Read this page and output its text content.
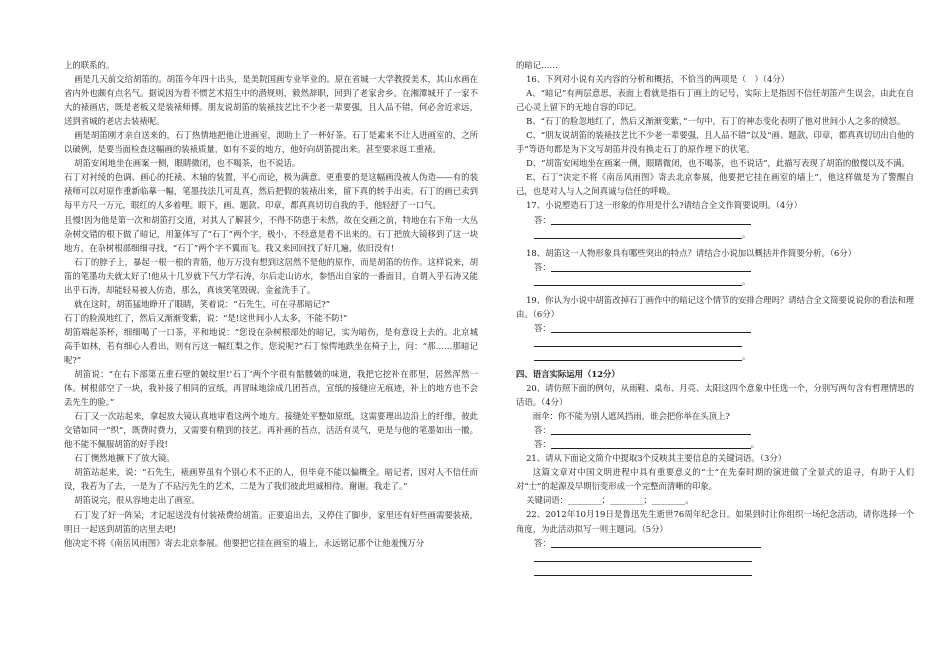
上的联系的。

画是几天前交给胡笛的。胡笛今年四十出头，是美院国画专业毕业的。原在省城一大学教授美术，其山水画在省内外也颇有点名气。据说因为看不惯艺术招生中的潜规则，毅然辞职，回到了老家舍乡。在湘潭城开了一家不大的裱画店，既是老板又是装裱师傅。朋友说胡笛的装裱技艺比不少老一辈要强，且人品不错，何必舍近求远，送到省城的老店去装裱呢。

画是胡笛刚才亲自送来的，石丁热情地把他让进画室，沏助上了一杯好茶。石丁是素来不让人进画室的，之所以破例，是要当面检查这幅画的装裱质量，如有不妥的地方，他好向胡笛提出来。甚至要求返工重裱。

胡笛安闲地坐在画案一侧，眼睛微闭，也不喝茶，也不说话。

石丁对衬绫的色调、画心的托裱、木轴的装置，平心而论，极为满意。更重要的是这幅画没被人伪造——有的装裱师可以对原作重新临摹一幅，笔墨技法几可乱真，然后把假的装裱出来，留下真的转手出卖。石丁的画已卖到每平方尺一万元，眼红的人多着哩。眼下，画、题款、印章，都真真切切自我的手，他轻舒了一口气。

且慢!因为他是第一次和胡笛打交道，对其人了解甚少，不得不防患于未然，故在交画之前，特地在右下角一大丛杂树交错的根下做了暗记，用篆体写了“石丁”两个字，极小，不经意是看不出来的。石丁把放大镜移到了这一块地方，在杂树根部细细寻找，“石丁”两个字不翼而飞。我又来回回找了好几遍，依旧没有!

石丁的脖子上，暴起一根一根的青筋，他万万没有想到这居然不是他的原作，而是胡笛的仿作。这样说来，胡笛的笔墨功夫就太好了!他从十几岁就下气力学石涛，尔后走山访水，参悟出自家的一番面目，自谓入乎石涛又能出乎石涛，却能轻易被人仿造，那么，真该笑笔毁砚、金盆洗手了。

就在这时，胡笛猛地睁开了眼睛，笑着说：“石先生，可在寻那暗记?”

石丁的脸漠地红了，然后又渐渐变紫，说：“是!这世间小人太多，不能不防!”

胡笛端起茶杯，细细喝了一口茶，平和地说：“您设在杂树根部处的暗记，实为暗伤，是有意设上去的。北京城高手如林，若有细心人看出，则有污这一幅红梨之作。您说呢?”石丁惊愕地跌坐在椅子上，问：“那……那暗记呢?”

胡笛说：“在右下部第五重石壁的皴纹里!‘石丁’两个字很有骷髅皴的味道，我把它挖补在那里，居然浑然一体。树根部空了一块，我补接了相同的宣纸，再冒昧地涂成几团苔点，宣纸的接缝应无痕迹，补上的地方也不会丢先生的脸。”

石丁又一次站起来，拿起放大镜认真地审看这两个地方。接缝处平整如原纸，这需要理出边沿上的纤维，彼此交错如同一“织”，既费时费力，又需要有精到的技艺。再补画的苔点，活活有灵气，更是与他的笔墨如出一撤。他不能不佩服胡笛的好手段!

石丁懊然地撅下了放大镜。

胡笛站起来，说：“石先生，裱画界虽有个别心术不正的人，但毕竟不能以偏概全。暗记者，因对人不信任而设，我若为了去，一是为了不玷污先生的艺术，二是为了我们彼此坦诚相待。谢谢。我走了。”

胡笛说完，很从容地走出了画室。

石丁发了好一阵呆，才记起送没有付装裱费给胡笛。正要追出去，又停住了脚步，家里还有好些画需要装裱，明日一起送到胡笛的店里去吧!

他决定不将《南岳风雨图》寄去北京参展。他要把它挂在画室的墙上，永远铭记那个让他羞愧万分

的暗记……

16、下列对小说有关内容的分析和概括，不恰当的两项是（　）（4分）

A、“暗记”有两层意思，表面上看就是指石丁画上的记号，实际上是指因不信任胡笛产生误会，由此在自己心灵上留下的无地自容的印记。

B、“石丁的脸忽地红了，然后又渐渐变紫，”一句中，石丁的神态变化表明了他对世间小人之多的愤怒。

C、“朋友说胡笛的装裱技艺比不少老一辈要强，且人品不错”以及“画、题款、印章，都真真切切出自他的手”等语句都是为下文写胡笛并没有换走石丁的原作埋下的伏笔。

D、“胡笛安闲地坐在画案一侧，眼睛微闭，也不喝茶，也不说话”，此描写表现了胡笛的傲慢以及不满。

E、石丁“决定不将《南岳风雨图》寄去北京参展，他要把它挂在画室的墙上”，他这样做是为了警醒自己，也是对人与人之间真诚与信任的呼唤。

17、小说塑造石丁这一形象的作用是什么?请结合全文作简要说明。（4分）

答：

。

18、胡笛这一人物形象具有哪些突出的特点？请结合小说加以概括并作简要分析。（6分）

答：

。

19、你认为小说中胡笛改掉石丁画作中的暗记这个情节的安排合理吗？请结合全文简要说说你的看法和理由。（6分）

答：

。

四、语言实际运用（12分）

20、请仿照下面的例句，从雨鞋、桌布、月亮、太阳这四个意象中任选一个，分别写两句含有哲理情思的话语。（4分）

雨伞：你不能为别人遮风挡雨，谁会把你举在头顶上?

答：

答：	。

21、请从下面论文简介中提取3个反映其主要信息的关键词语。（3分）

这篇文章对中国文明进程中具有重要意义的“士”在先秦时期的演进做了全景式的追寻，有助于人们对“士”的起源及早期衍变形成一个完整而清晰的印象。

关键词语：________；________；________。

22、2012年10月19日是鲁迅先生逝世76周年纪念日。如果到时让你组织一场纪念活动，请你选择一个角度，为此活动拟写一则主题词。（5分）

答：
